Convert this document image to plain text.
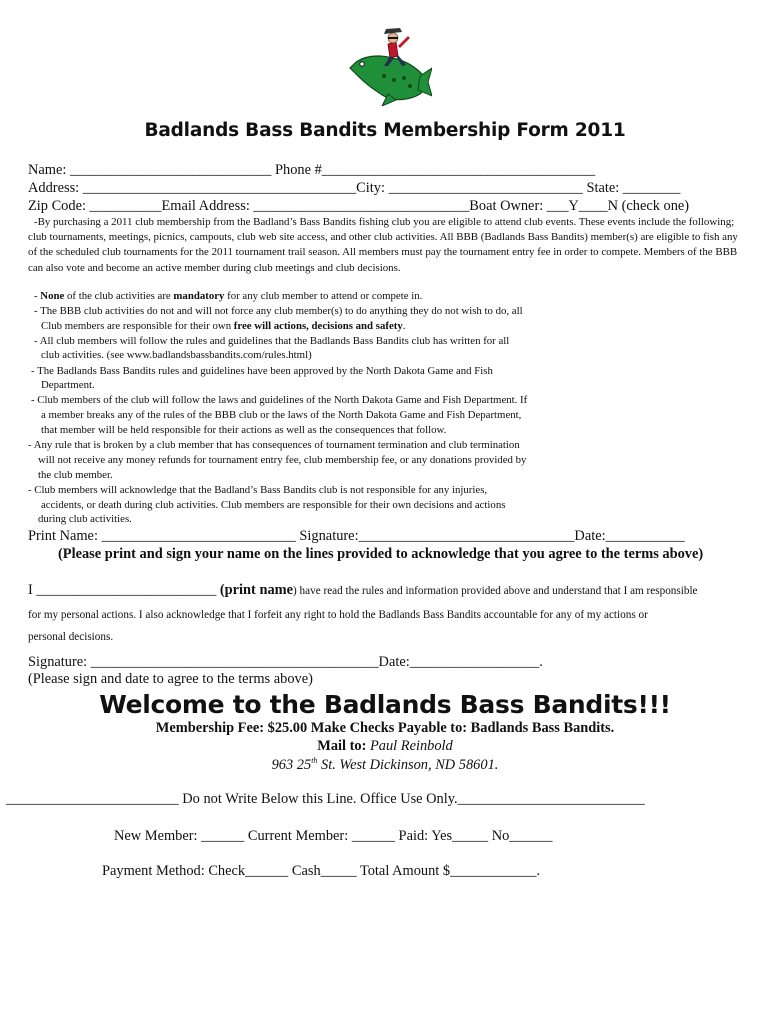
Badlands Bass Bandits Membership Form 2011
Name: ____________________________ Phone #______________________________________
Address: ______________________________________City: ___________________________ State: ________
Zip Code: __________Email Address: ______________________________Boat Owner: ___Y____N (check one)
-By purchasing a 2011 club membership from the Badland’s Bass Bandits fishing club you are eligible to attend club events. These events include the following; club tournaments, meetings, picnics, campouts, club web site access, and other club activities. All BBB (Badlands Bass Bandits) member(s) are eligible to fish any of the scheduled club tournaments for the 2011 tournament trail season. All members must pay the tournament entry fee in order to compete. Members of the BBB can also vote and become an active member during club meetings and club decisions.
- None of the club activities are mandatory for any club member to attend or compete in.
- The BBB club activities do not and will not force any club member(s) to do anything they do not wish to do, all
Club members are responsible for their own free will actions, decisions and safety.
- All club members will follow the rules and guidelines that the Badlands Bass Bandits club has written for all
club activities. (see www.badlandsbassbandits.com/rules.html)
- The Badlands Bass Bandits rules and guidelines have been approved by the North Dakota Game and Fish
Department.
- Club members of the club will follow the laws and guidelines of the North Dakota Game and Fish Department. If
a member breaks any of the rules of the BBB club or the laws of the North Dakota Game and Fish Department,
that member will be held responsible for their actions as well as the consequences that follow.
- Any rule that is broken by a club member that has consequences of tournament termination and club termination
will not receive any money refunds for tournament entry fee, club membership fee, or any donations provided by
the club member.
- Club members will acknowledge that the Badland’s Bass Bandits club is not responsible for any injuries,
accidents, or death during club activities. Club members are responsible for their own decisions and actions
during club activities.
Print Name: ___________________________ Signature:______________________________Date:___________
(Please print and sign your name on the lines provided to acknowledge that you agree to the terms above)
I _________________________ (print name) have read the rules and information provided above and understand that I am responsible
for my personal actions. I also acknowledge that I forfeit any right to hold the Badlands Bass Bandits accountable for any of my actions or
personal decisions.
Signature: ________________________________________Date:__________________.
(Please sign and date to agree to the terms above)
Welcome to the Badlands Bass Bandits!!!
Membership Fee: $25.00 Make Checks Payable to: Badlands Bass Bandits.
Mail to: Paul Reinbold
963 25th St. West Dickinson, ND 58601.
________________________ Do not Write Below this Line. Office Use Only.__________________________
New Member: ______ Current Member: ______ Paid: Yes_____ No______
Payment Method: Check______ Cash_____ Total Amount $____________.
